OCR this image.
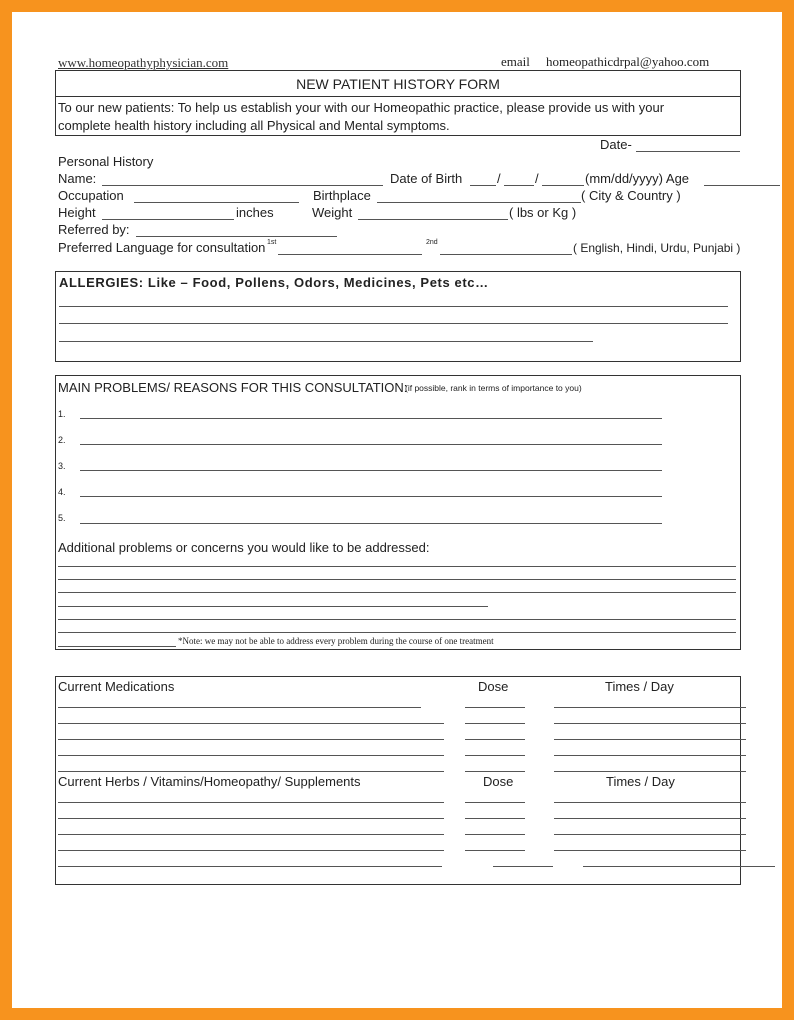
www.homeopathyphysician.com	email homeopathicdrpal@yahoo.com
NEW PATIENT HISTORY FORM
To our new patients: To help us establish your with our Homeopathic practice, please provide us with your
complete health history including all Physical and Mental symptoms.
Date-
Personal History
Name:	Date of Birth	/	/	(mm/dd/yyyy) Age
Occupation	Birthplace	( City & Country )
Height	inches	Weight	( lbs or Kg )
Referred by:
Preferred Language for consultation 1st	2nd	( English, Hindi, Urdu, Punjabi )
ALLERGIES: Like – Food, Pollens, Odors, Medicines, Pets etc…
MAIN PROBLEMS/ REASONS FOR THIS CONSULTATION:
(if possible, rank in terms of importance to you)
1.
2.
3.
4.
5.
Additional problems or concerns you would like to be addressed:
*Note: we may not be able to address every problem during the course of one treatment
Current Medications	Dose	Times / Day
Current Herbs / Vitamins/Homeopathy/ Supplements	Dose	Times / Day
